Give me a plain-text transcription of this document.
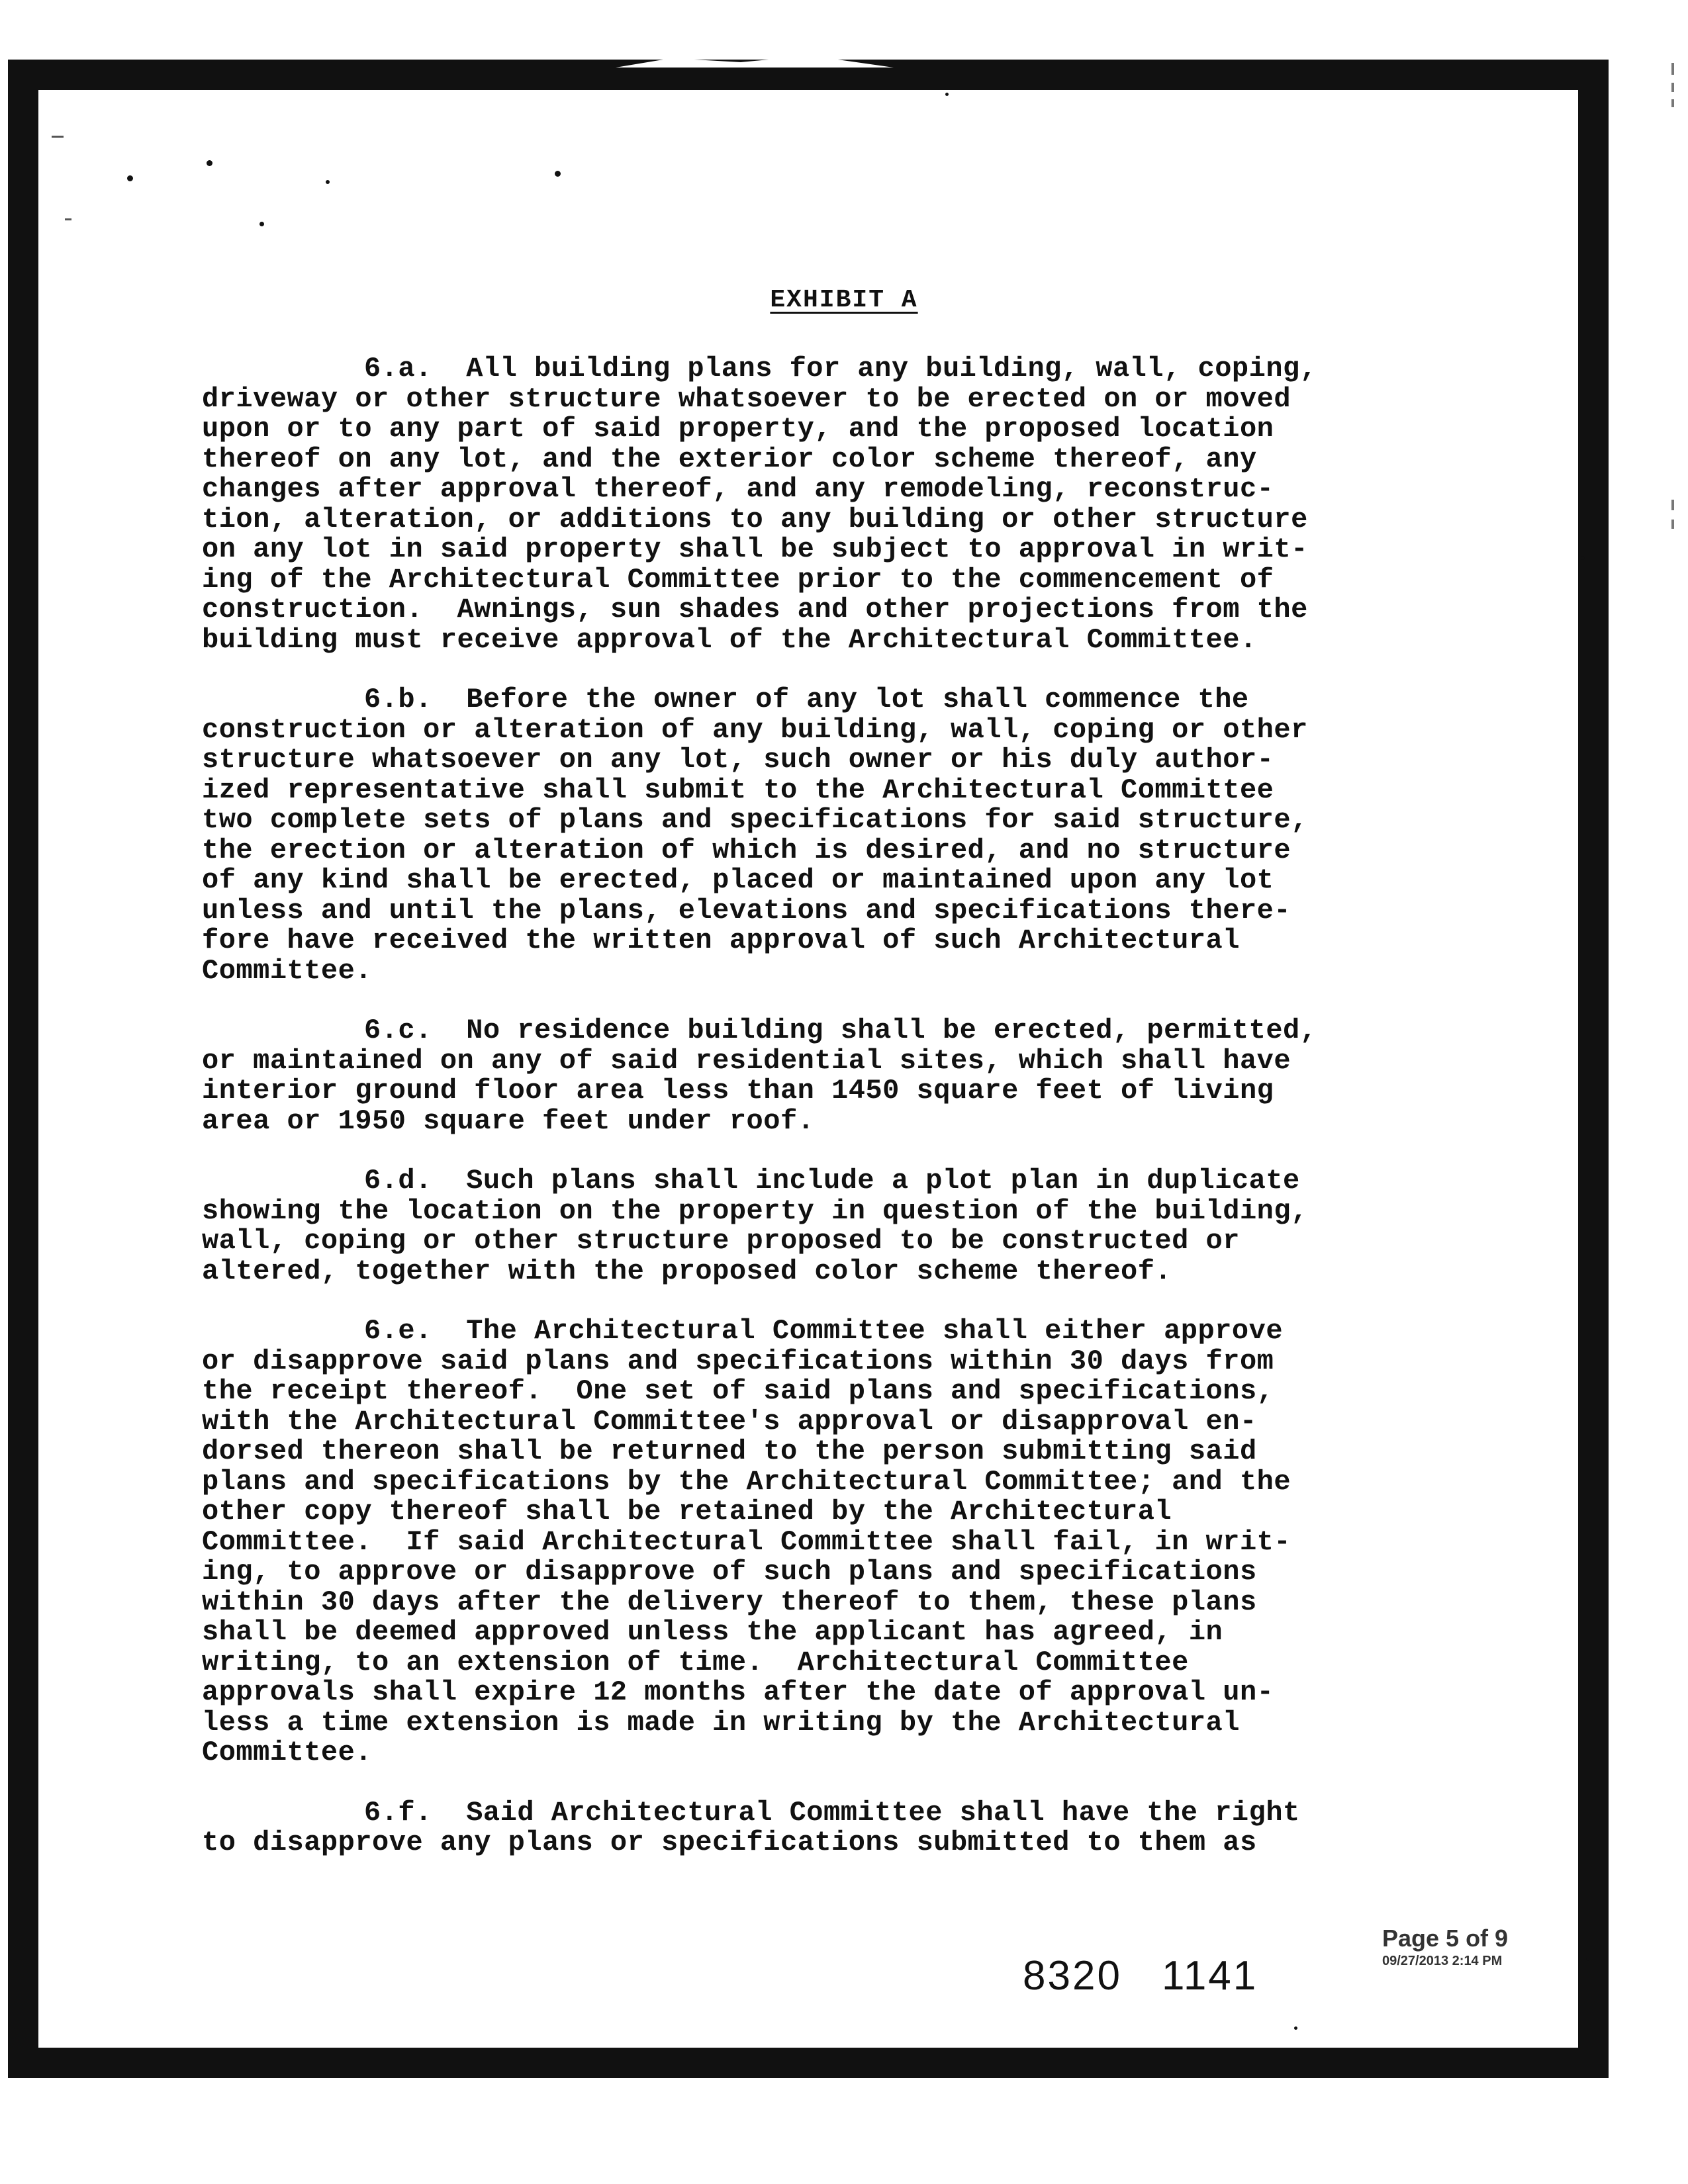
EXHIBIT A
6.a.  All building plans for any building, wall, coping,
driveway or other structure whatsoever to be erected on or moved
upon or to any part of said property, and the proposed location
thereof on any lot, and the exterior color scheme thereof, any
changes after approval thereof, and any remodeling, reconstruc-
tion, alteration, or additions to any building or other structure
on any lot in said property shall be subject to approval in writ-
ing of the Architectural Committee prior to the commencement of
construction.  Awnings, sun shades and other projections from the
building must receive approval of the Architectural Committee.
6.b.  Before the owner of any lot shall commence the
construction or alteration of any building, wall, coping or other
structure whatsoever on any lot, such owner or his duly author-
ized representative shall submit to the Architectural Committee
two complete sets of plans and specifications for said structure,
the erection or alteration of which is desired, and no structure
of any kind shall be erected, placed or maintained upon any lot
unless and until the plans, elevations and specifications there-
fore have received the written approval of such Architectural
Committee.
6.c.  No residence building shall be erected, permitted,
or maintained on any of said residential sites, which shall have
interior ground floor area less than 1450 square feet of living
area or 1950 square feet under roof.
6.d.  Such plans shall include a plot plan in duplicate
showing the location on the property in question of the building,
wall, coping or other structure proposed to be constructed or
altered, together with the proposed color scheme thereof.
6.e.  The Architectural Committee shall either approve
or disapprove said plans and specifications within 30 days from
the receipt thereof.  One set of said plans and specifications,
with the Architectural Committee's approval or disapproval en-
dorsed thereon shall be returned to the person submitting said
plans and specifications by the Architectural Committee; and the
other copy thereof shall be retained by the Architectural
Committee.  If said Architectural Committee shall fail, in writ-
ing, to approve or disapprove of such plans and specifications
within 30 days after the delivery thereof to them, these plans
shall be deemed approved unless the applicant has agreed, in
writing, to an extension of time.  Architectural Committee
approvals shall expire 12 months after the date of approval un-
less a time extension is made in writing by the Architectural
Committee.
6.f.  Said Architectural Committee shall have the right
to disapprove any plans or specifications submitted to them as
8320 1141
Page 5 of 9
09/27/2013 2:14 PM
